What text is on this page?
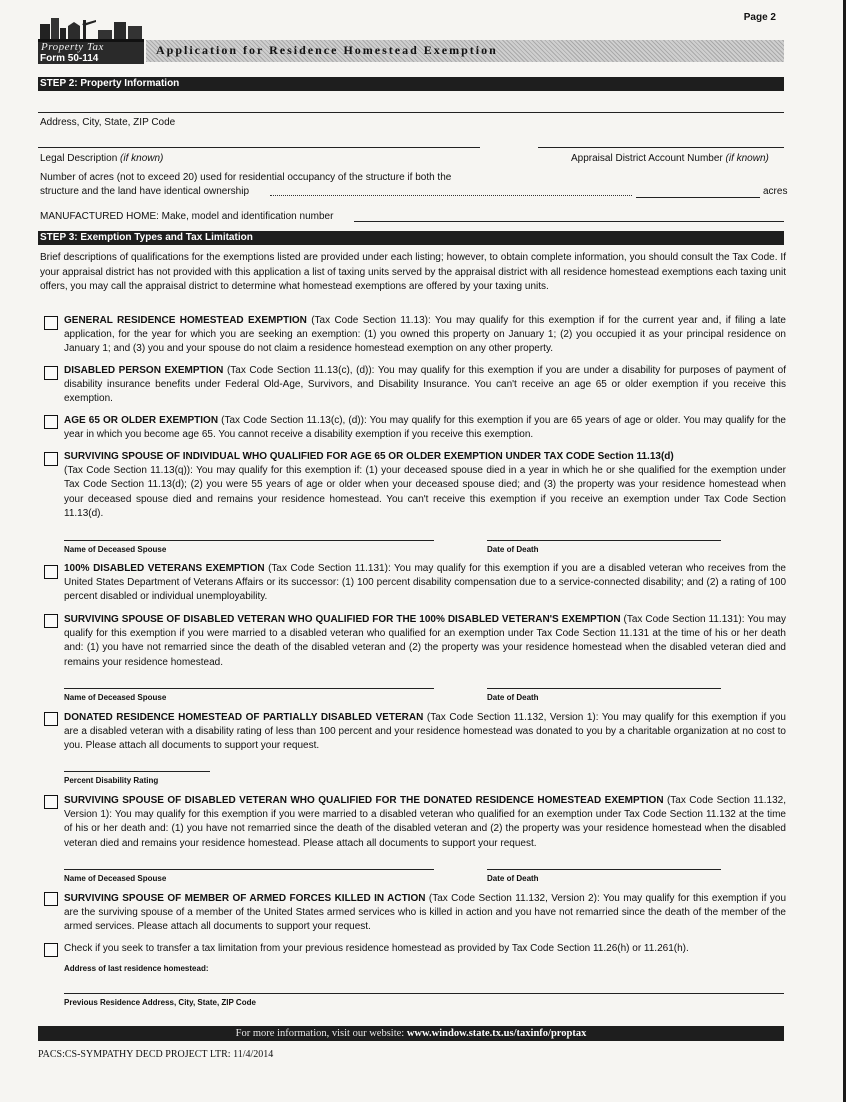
Page 2
Property Tax
Form 50-114
Application for Residence Homestead Exemption
STEP 2: Property Information
Address, City, State, ZIP Code
Legal Description (if known)	Appraisal District Account Number (if known)
Number of acres (not to exceed 20) used for residential occupancy of the structure if both the
structure and the land have identical ownership	acres
MANUFACTURED HOME: Make, model and identification number
STEP 3: Exemption Types and Tax Limitation
Brief descriptions of qualifications for the exemptions listed are provided under each listing; however, to obtain complete information, you should consult the Tax Code. If your appraisal district has not provided with this application a list of taxing units served by the appraisal district with all residence homestead exemptions each taxing unit offers, you may call the appraisal district to determine what homestead exemptions are offered by your taxing units.
GENERAL RESIDENCE HOMESTEAD EXEMPTION (Tax Code Section 11.13): You may qualify for this exemption if for the current year and, if filing a late application, for the year for which you are seeking an exemption: (1) you owned this property on January 1; (2) you occupied it as your principal residence on January 1; and (3) you and your spouse do not claim a residence homestead exemption on any other property.
DISABLED PERSON EXEMPTION (Tax Code Section 11.13(c), (d)): You may qualify for this exemption if you are under a disability for purposes of payment of disability insurance benefits under Federal Old-Age, Survivors, and Disability Insurance. You can't receive an age 65 or older exemption if you receive this exemption.
AGE 65 OR OLDER EXEMPTION (Tax Code Section 11.13(c), (d)): You may qualify for this exemption if you are 65 years of age or older. You may qualify for the year in which you become age 65. You cannot receive a disability exemption if you receive this exemption.
SURVIVING SPOUSE OF INDIVIDUAL WHO QUALIFIED FOR AGE 65 OR OLDER EXEMPTION UNDER TAX CODE Section 11.13(d)
(Tax Code Section 11.13(q)): You may qualify for this exemption if: (1) your deceased spouse died in a year in which he or she qualified for the exemption under Tax Code Section 11.13(d); (2) you were 55 years of age or older when your deceased spouse died; and (3) the property was your residence homestead when your deceased spouse died and remains your residence homestead. You can't receive this exemption if you receive an exemption under Tax Code Section 11.13(d).
Name of Deceased Spouse	Date of Death
100% DISABLED VETERANS EXEMPTION (Tax Code Section 11.131): You may qualify for this exemption if you are a disabled veteran who receives from the United States Department of Veterans Affairs or its successor: (1) 100 percent disability compensation due to a service-connected disability; and (2) a rating of 100 percent disabled or individual unemployability.
SURVIVING SPOUSE OF DISABLED VETERAN WHO QUALIFIED FOR THE 100% DISABLED VETERAN'S EXEMPTION (Tax Code Section 11.131): You may qualify for this exemption if you were married to a disabled veteran who qualified for an exemption under Tax Code Section 11.131 at the time of his or her death and: (1) you have not remarried since the death of the disabled veteran and (2) the property was your residence homestead when the disabled veteran died and remains your residence homestead.
Name of Deceased Spouse	Date of Death
DONATED RESIDENCE HOMESTEAD OF PARTIALLY DISABLED VETERAN (Tax Code Section 11.132, Version 1): You may qualify for this exemption if you are a disabled veteran with a disability rating of less than 100 percent and your residence homestead was donated to you by a charitable organization at no cost to you. Please attach all documents to support your request.
Percent Disability Rating
SURVIVING SPOUSE OF DISABLED VETERAN WHO QUALIFIED FOR THE DONATED RESIDENCE HOMESTEAD EXEMPTION (Tax Code Section 11.132, Version 1): You may qualify for this exemption if you were married to a disabled veteran who qualified for an exemption under Tax Code Section 11.132 at the time of his or her death and: (1) you have not remarried since the death of the disabled veteran and (2) the property was your residence homestead when the disabled veteran died and remains your residence homestead. Please attach all documents to support your request.
Name of Deceased Spouse	Date of Death
SURVIVING SPOUSE OF MEMBER OF ARMED FORCES KILLED IN ACTION (Tax Code Section 11.132, Version 2): You may qualify for this exemption if you are the surviving spouse of a member of the United States armed services who is killed in action and you have not remarried since the death of the member of the armed services. Please attach all documents to support your request.
Check if you seek to transfer a tax limitation from your previous residence homestead as provided by Tax Code Section 11.26(h) or 11.261(h).
Address of last residence homestead:
Previous Residence Address, City, State, ZIP Code
For more information, visit our website: www.window.state.tx.us/taxinfo/proptax
PACS:CS-SYMPATHY DECD PROJECT LTR: 11/4/2014
